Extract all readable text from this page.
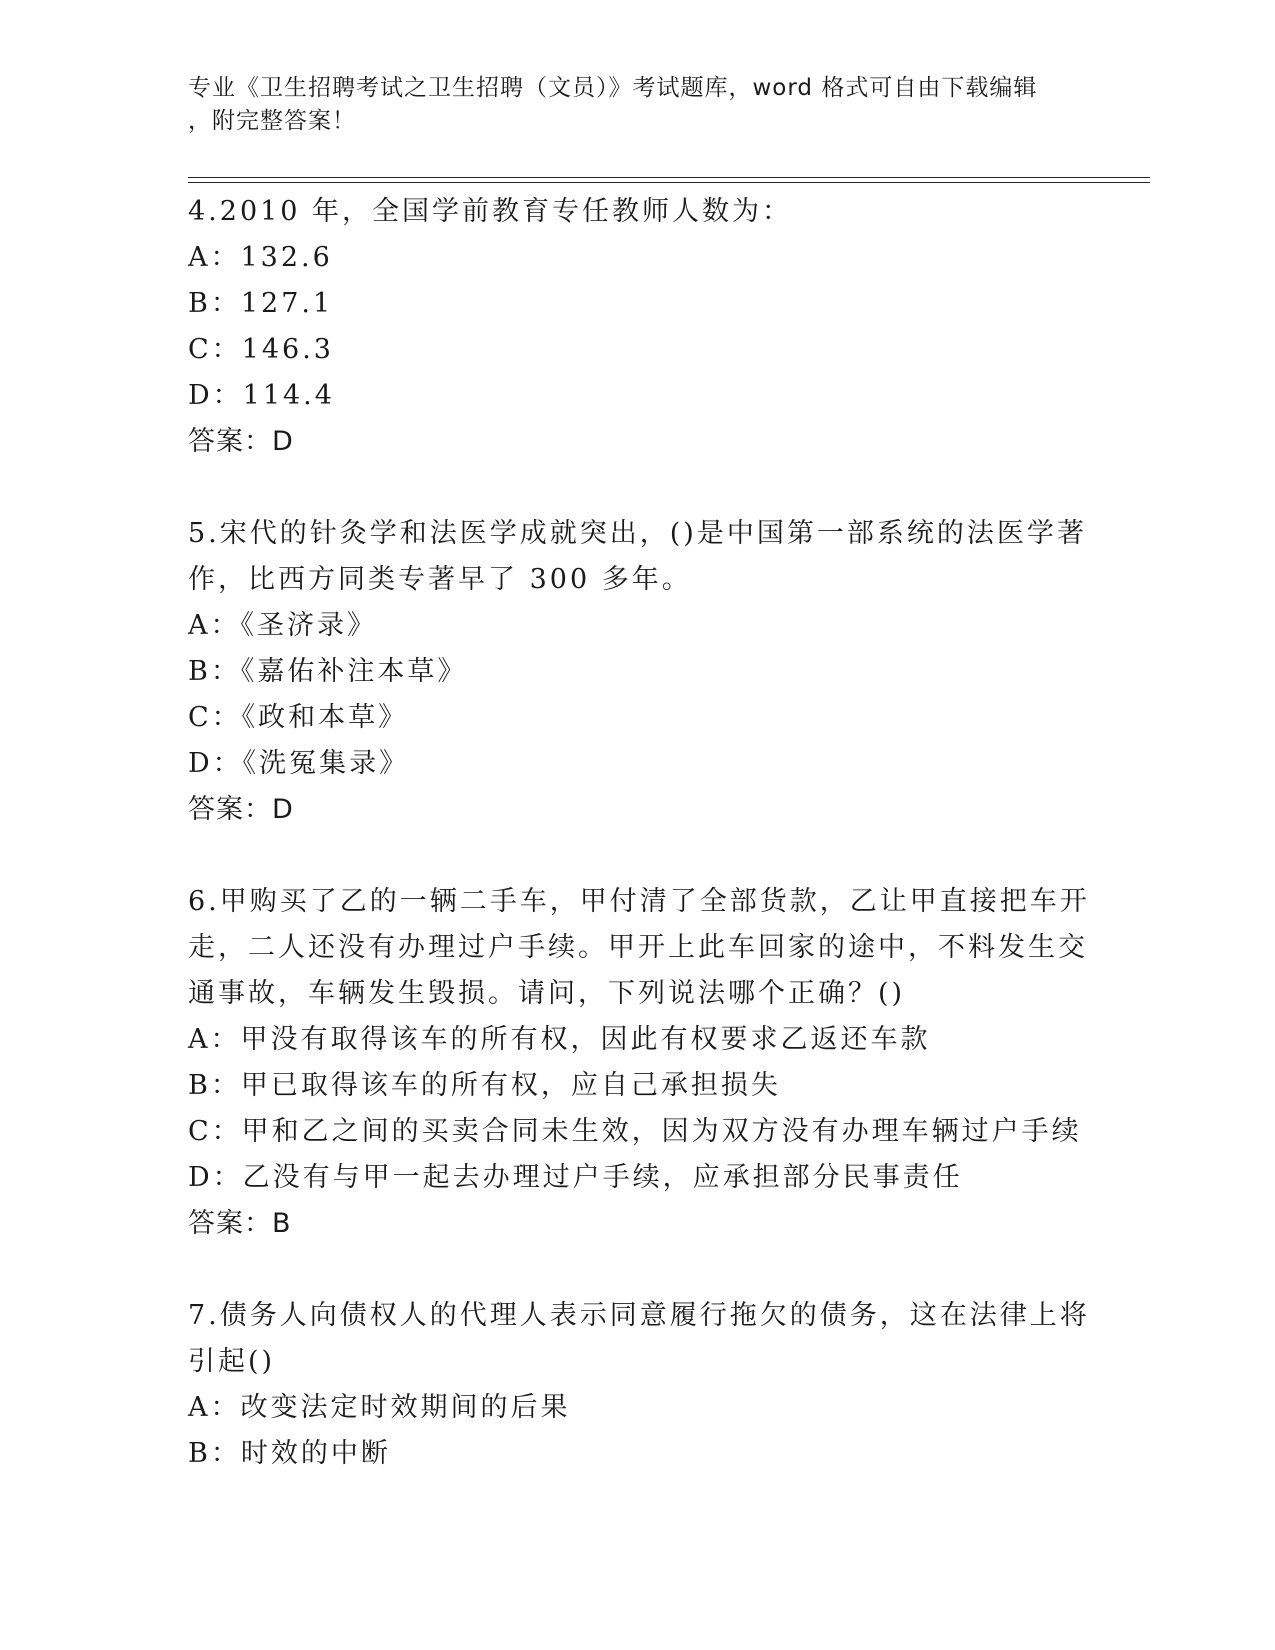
专业《卫生招聘考试之卫生招聘（文员）》考试题库，word 格式可自由下载编辑
，附完整答案！
4.2010 年，全国学前教育专任教师人数为：
A：132.6
B：127.1
C：146.3
D：114.4
答案：D
5.宋代的针灸学和法医学成就突出，()是中国第一部系统的法医学著
作，比西方同类专著早了 300 多年。
A：《圣济录》
B：《嘉佑补注本草》
C：《政和本草》
D：《洗冤集录》
答案：D
6.甲购买了乙的一辆二手车，甲付清了全部货款，乙让甲直接把车开
走，二人还没有办理过户手续。甲开上此车回家的途中，不料发生交
通事故，车辆发生毁损。请问，下列说法哪个正确？()
A：甲没有取得该车的所有权，因此有权要求乙返还车款
B：甲已取得该车的所有权，应自己承担损失
C：甲和乙之间的买卖合同未生效，因为双方没有办理车辆过户手续
D：乙没有与甲一起去办理过户手续，应承担部分民事责任
答案：B
7.债务人向债权人的代理人表示同意履行拖欠的债务，这在法律上将
引起()
A：改变法定时效期间的后果
B：时效的中断
